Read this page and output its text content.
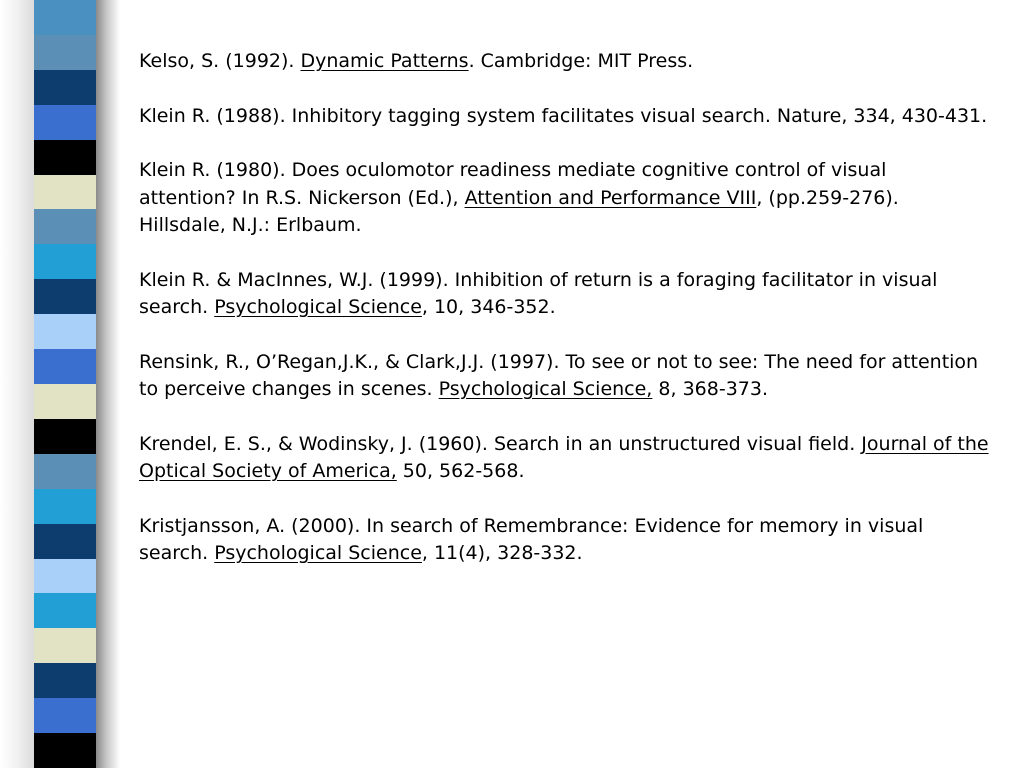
Kelso, S. (1992). Dynamic Patterns. Cambridge: MIT Press.
Klein R. (1988). Inhibitory tagging system facilitates visual search. Nature, 334, 430-431.
Klein R. (1980). Does oculomotor readiness mediate cognitive control of visual attention? In R.S. Nickerson (Ed.), Attention and Performance VIII, (pp.259-276). Hillsdale, N.J.: Erlbaum.
Klein R. & MacInnes, W.J. (1999). Inhibition of return is a foraging facilitator in visual search. Psychological Science, 10, 346-352.
Rensink, R., O’Regan,J.K., & Clark,J.J. (1997). To see or not to see: The need for attention to perceive changes in scenes. Psychological Science, 8, 368-373.
Krendel, E. S., & Wodinsky, J. (1960). Search in an unstructured visual field. Journal of the Optical Society of America, 50, 562-568.
Kristjansson, A. (2000). In search of Remembrance: Evidence for memory in visual search. Psychological Science, 11(4), 328-332.
